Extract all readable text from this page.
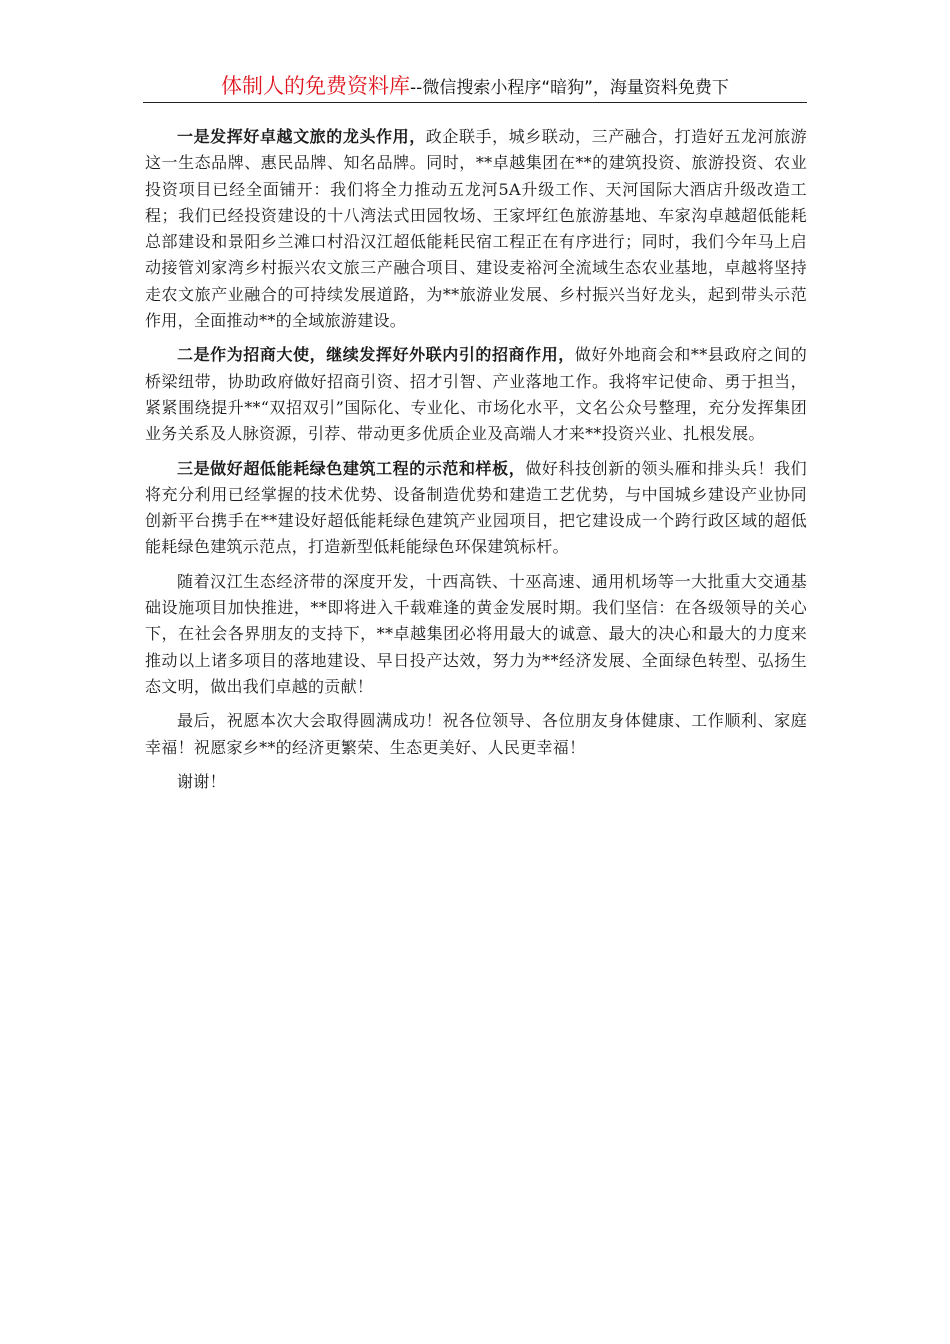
体制人的免费资料库--微信搜索小程序“暗狗”，海量资料免费下

一是发挥好卓越文旅的龙头作用，政企联手，城乡联动，三产融合，打造好五龙河旅游这一生态品牌、惠民品牌、知名品牌。同时，**卓越集团在**的建筑投资、旅游投资、农业投资项目已经全面铺开：我们将全力推动五龙河5A升级工作、天河国际大酒店升级改造工程；我们已经投资建设的十八湾法式田园牧场、王家坪红色旅游基地、车家沟卓越超低能耗总部建设和景阳乡兰滩口村沿汉江超低能耗民宿工程正在有序进行；同时，我们今年马上启动接管刘家湾乡村振兴农文旅三产融合项目、建设麦裕河全流域生态农业基地，卓越将坚持走农文旅产业融合的可持续发展道路，为**旅游业发展、乡村振兴当好龙头，起到带头示范作用，全面推动**的全域旅游建设。

二是作为招商大使，继续发挥好外联内引的招商作用，做好外地商会和**县政府之间的桥梁纽带，协助政府做好招商引资、招才引智、产业落地工作。我将牢记使命、勇于担当，紧紧围绕提升**“双招双引”国际化、专业化、市场化水平，文名公众号整理，充分发挥集团业务关系及人脉资源，引荐、带动更多优质企业及高端人才来**投资兴业、扎根发展。

三是做好超低能耗绿色建筑工程的示范和样板，做好科技创新的领头雁和排头兵！我们将充分利用已经掌握的技术优势、设备制造优势和建造工艺优势，与中国城乡建设产业协同创新平台携手在**建设好超低能耗绿色建筑产业园项目，把它建设成一个跨行政区域的超低能耗绿色建筑示范点，打造新型低耗能绿色环保建筑标杆。

随着汉江生态经济带的深度开发，十西高铁、十巫高速、通用机场等一大批重大交通基础设施项目加快推进，**即将进入千载难逢的黄金发展时期。我们坚信：在各级领导的关心下，在社会各界朋友的支持下，**卓越集团必将用最大的诚意、最大的决心和最大的力度来推动以上诸多项目的落地建设、早日投产达效，努力为**经济发展、全面绿色转型、弘扬生态文明，做出我们卓越的贡献！

最后，祝愿本次大会取得圆满成功！祝各位领导、各位朋友身体健康、工作顺利、家庭幸福！祝愿家乡**的经济更繁荣、生态更美好、人民更幸福！

谢谢！
